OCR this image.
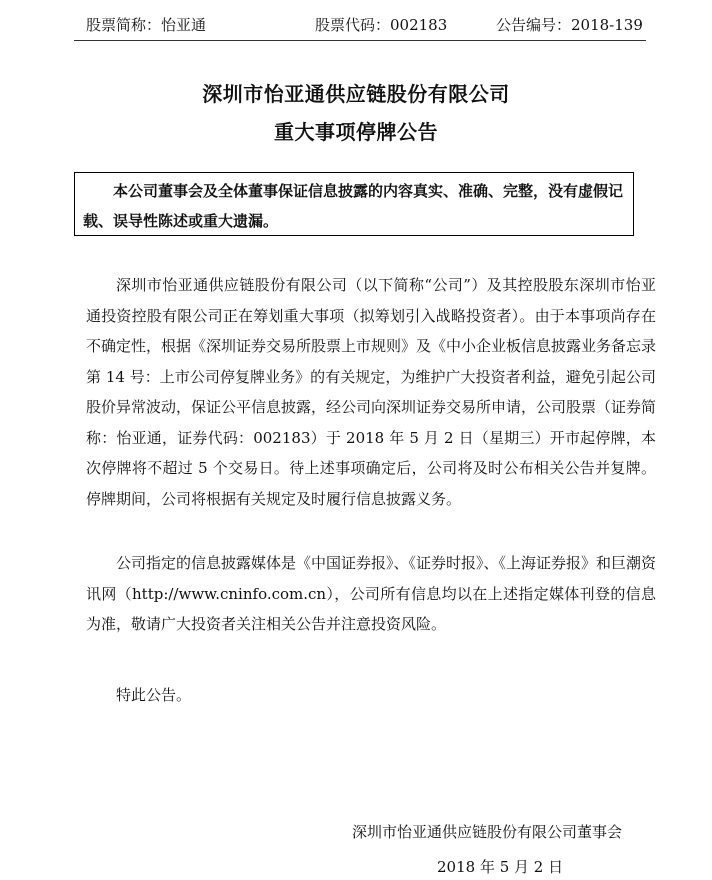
股票简称：怡亚通	股票代码：002183	公告编号：2018-139
深圳市怡亚通供应链股份有限公司
重大事项停牌公告
本公司董事会及全体董事保证信息披露的内容真实、准确、完整，没有虚假记载、误导性陈述或重大遗漏。
深圳市怡亚通供应链股份有限公司（以下简称“公司”）及其控股股东深圳市怡亚通投资控股有限公司正在筹划重大事项（拟筹划引入战略投资者）。由于本事项尚存在不确定性，根据《深圳证券交易所股票上市规则》及《中小企业板信息披露业务备忘录第 14 号：上市公司停复牌业务》的有关规定，为维护广大投资者利益，避免引起公司股价异常波动，保证公平信息披露，经公司向深圳证券交易所申请，公司股票（证券简称：怡亚通，证券代码：002183）于 2018 年 5 月 2 日（星期三）开市起停牌，本次停牌将不超过 5 个交易日。待上述事项确定后，公司将及时公布相关公告并复牌。停牌期间，公司将根据有关规定及时履行信息披露义务。
公司指定的信息披露媒体是《中国证券报》、《证券时报》、《上海证券报》和巨潮资讯网（http://www.cninfo.com.cn），公司所有信息均以在上述指定媒体刊登的信息为准，敬请广大投资者关注相关公告并注意投资风险。
特此公告。
深圳市怡亚通供应链股份有限公司董事会
2018 年 5 月 2 日
